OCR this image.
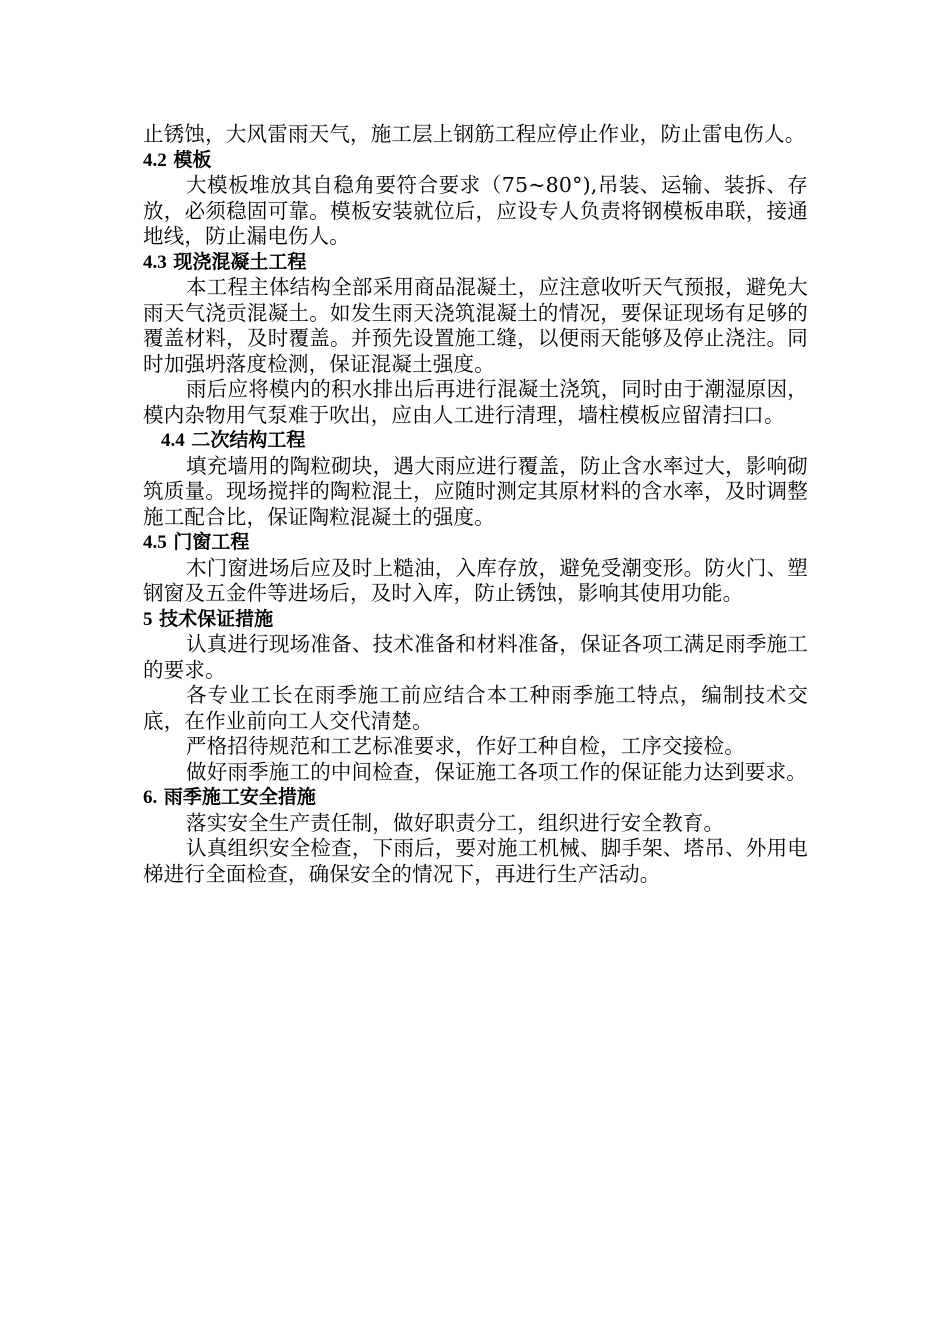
止锈蚀，大风雷雨天气，施工层上钢筋工程应停止作业，防止雷电伤人。

4.2 模板

大模板堆放其自稳角要符合要求（75~80°),吊装、运输、装拆、存放，必须稳固可靠。模板安装就位后，应设专人负责将钢模板串联，接通地线，防止漏电伤人。

4.3 现浇混凝土工程

本工程主体结构全部采用商品混凝土，应注意收听天气预报，避免大雨天气浇贡混凝土。如发生雨天浇筑混凝土的情况，要保证现场有足够的覆盖材料，及时覆盖。并预先设置施工缝，以便雨天能够及停止浇注。同时加强坍落度检测，保证混凝土强度。

雨后应将模内的积水排出后再进行混凝土浇筑，同时由于潮湿原因，模内杂物用气泵难于吹出，应由人工进行清理，墙柱模板应留清扫口。

4.4 二次结构工程

填充墙用的陶粒砌块，遇大雨应进行覆盖，防止含水率过大，影响砌筑质量。现场搅拌的陶粒混土，应随时测定其原材料的含水率，及时调整施工配合比，保证陶粒混凝土的强度。

4.5 门窗工程

木门窗进场后应及时上糙油，入库存放，避免受潮变形。防火门、塑钢窗及五金件等进场后，及时入库，防止锈蚀，影响其使用功能。

5 技术保证措施

认真进行现场准备、技术准备和材料准备，保证各项工满足雨季施工的要求。

各专业工长在雨季施工前应结合本工种雨季施工特点，编制技术交底，在作业前向工人交代清楚。

严格招待规范和工艺标准要求，作好工种自检，工序交接检。

做好雨季施工的中间检查，保证施工各项工作的保证能力达到要求。

6. 雨季施工安全措施

落实安全生产责任制，做好职责分工，组织进行安全教育。

认真组织安全检查，下雨后，要对施工机械、脚手架、塔吊、外用电梯进行全面检查，确保安全的情况下，再进行生产活动。
